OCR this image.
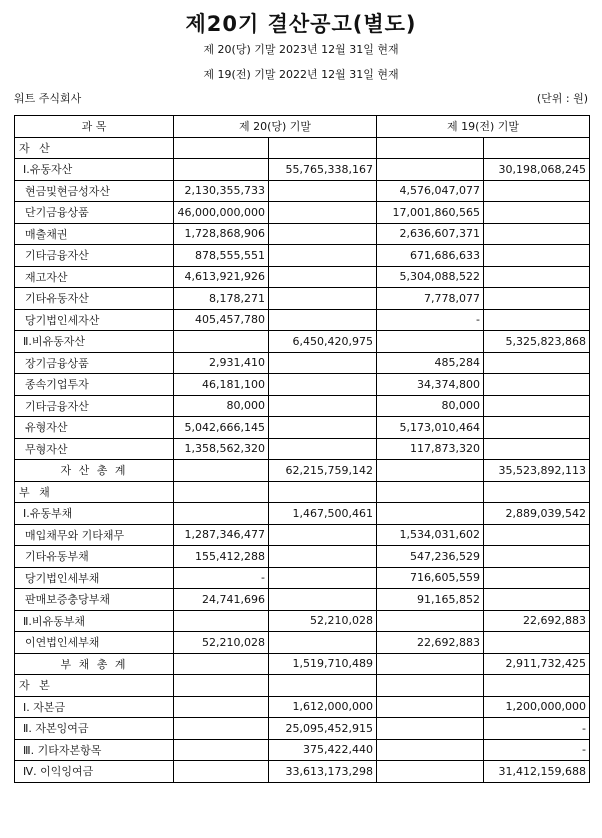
제20기 결산공고(별도)
제 20(당) 기말 2023년 12월 31일 현재
제 19(전) 기말 2022년 12월 31일 현재
워트 주식회사	(단위 : 원)
과 목	제 20(당) 기말		제 19(전) 기말	
자 산				
Ⅰ.유동자산		55,765,338,167		30,198,068,245
현금및현금성자산	2,130,355,733		4,576,047,077	
단기금융상품	46,000,000,000		17,001,860,565	
매출채권	1,728,868,906		2,636,607,371	
기타금융자산	878,555,551		671,686,633	
재고자산	4,613,921,926		5,304,088,522	
기타유동자산	8,178,271		7,778,077	
당기법인세자산	405,457,780		-	
Ⅱ.비유동자산		6,450,420,975		5,325,823,868
장기금융상품	2,931,410		485,284	
종속기업투자	46,181,100		34,374,800	
기타금융자산	80,000		80,000	
유형자산	5,042,666,145		5,173,010,464	
무형자산	1,358,562,320		117,873,320	
자 산 총 계		62,215,759,142		35,523,892,113
부 채				
Ⅰ.유동부채		1,467,500,461		2,889,039,542
매입채무와 기타채무	1,287,346,477		1,534,031,602	
기타유동부채	155,412,288		547,236,529	
당기법인세부채	-		716,605,559	
판매보증충당부채	24,741,696		91,165,852	
Ⅱ.비유동부채		52,210,028		22,692,883
이연법인세부채	52,210,028		22,692,883	
부 채 총 계		1,519,710,489		2,911,732,425
자 본				
Ⅰ. 자본금		1,612,000,000		1,200,000,000
Ⅱ. 자본잉여금		25,095,452,915		-
Ⅲ. 기타자본항목		375,422,440		-
Ⅳ. 이익잉여금		33,613,173,298		31,412,159,688
